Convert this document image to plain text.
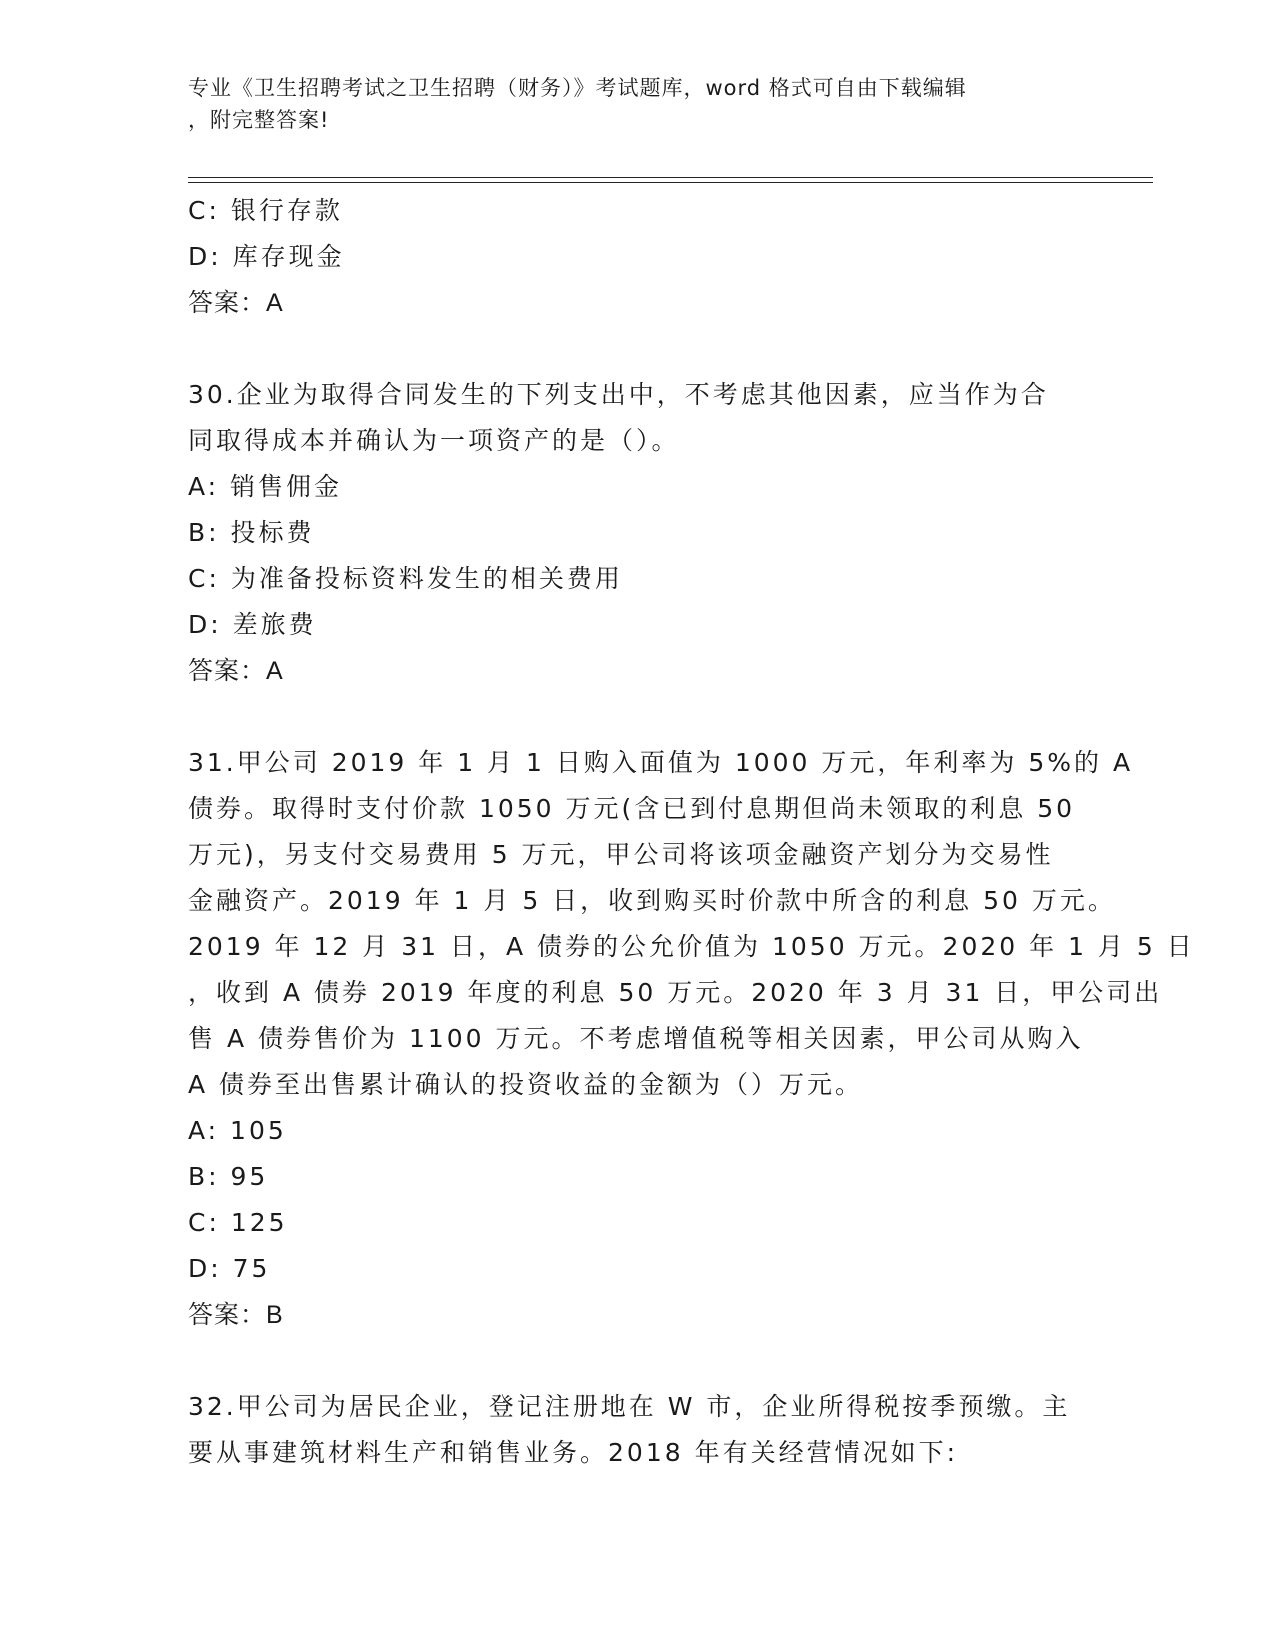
专业《卫生招聘考试之卫生招聘（财务）》考试题库，word 格式可自由下载编辑
，附完整答案!
C: 银行存款
D: 库存现金
答案：A
30.企业为取得合同发生的下列支出中，不考虑其他因素，应当作为合
同取得成本并确认为一项资产的是（）。
A: 销售佣金
B: 投标费
C: 为准备投标资料发生的相关费用
D: 差旅费
答案：A
31.甲公司 2019 年 1 月 1 日购入面值为 1000 万元，年利率为 5%的 A
债券。取得时支付价款 1050 万元(含已到付息期但尚未领取的利息 50
万元)，另支付交易费用 5 万元，甲公司将该项金融资产划分为交易性
金融资产。2019 年 1 月 5 日，收到购买时价款中所含的利息 50 万元。
2019 年 12 月 31 日，A 债券的公允价值为 1050 万元。2020 年 1 月 5 日
，收到 A 债券 2019 年度的利息 50 万元。2020 年 3 月 31 日，甲公司出
售 A 债券售价为 1100 万元。不考虑增值税等相关因素，甲公司从购入
A 债券至出售累计确认的投资收益的金额为（）万元。
A: 105
B: 95
C: 125
D: 75
答案：B
32.甲公司为居民企业，登记注册地在 W 市，企业所得税按季预缴。主
要从事建筑材料生产和销售业务。2018 年有关经营情况如下:
